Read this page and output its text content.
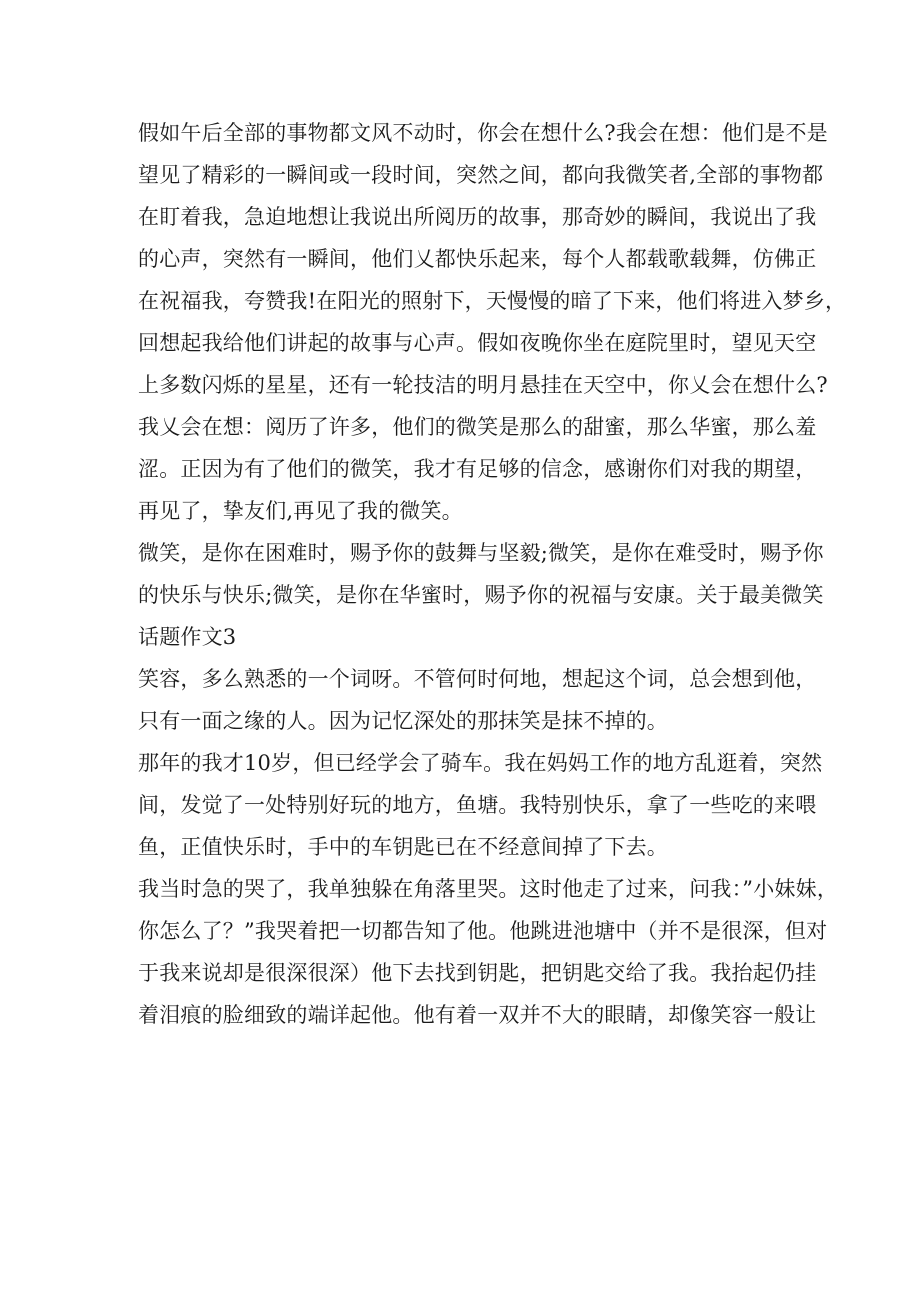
假如午后全部的事物都文风不动时，你会在想什么?我会在想：他们是不是
望见了精彩的一瞬间或一段时间，突然之间，都向我微笑者,全部的事物都
在盯着我，急迫地想让我说出所阅历的故事，那奇妙的瞬间，我说出了我
的心声，突然有一瞬间，他们乂都快乐起来，每个人都载歌载舞，仿佛正
在祝福我，夸赞我!在阳光的照射下，天慢慢的暗了下来，他们将进入梦乡，
回想起我给他们讲起的故事与心声。假如夜晚你坐在庭院里时，望见天空
上多数闪烁的星星，还有一轮技洁的明月悬挂在天空中，你乂会在想什么?
我乂会在想：阅历了许多，他们的微笑是那么的甜蜜，那么华蜜，那么羞
涩。正因为有了他们的微笑，我才有足够的信念，感谢你们对我的期望，
再见了，挚友们,再见了我的微笑。
微笑，是你在困难时，赐予你的鼓舞与坚毅;微笑，是你在难受时，赐予你
的快乐与快乐;微笑，是你在华蜜时，赐予你的祝福与安康。关于最美微笑
话题作文3
笑容，多么熟悉的一个词呀。不管何时何地，想起这个词，总会想到他，
只有一面之缘的人。因为记忆深处的那抹笑是抹不掉的。
那年的我才10岁，但已经学会了骑车。我在妈妈工作的地方乱逛着，突然
间，发觉了一处特别好玩的地方，鱼塘。我特别快乐，拿了一些吃的来喂
鱼，正值快乐时，手中的车钥匙已在不经意间掉了下去。
我当时急的哭了，我单独躲在角落里哭。这时他走了过来，问我：”小妹妹，
你怎么了？”我哭着把一切都告知了他。他跳进池塘中（并不是很深，但对
于我来说却是很深很深）他下去找到钥匙，把钥匙交给了我。我抬起仍挂
着泪痕的脸细致的端详起他。他有着一双并不大的眼睛，却像笑容一般让
